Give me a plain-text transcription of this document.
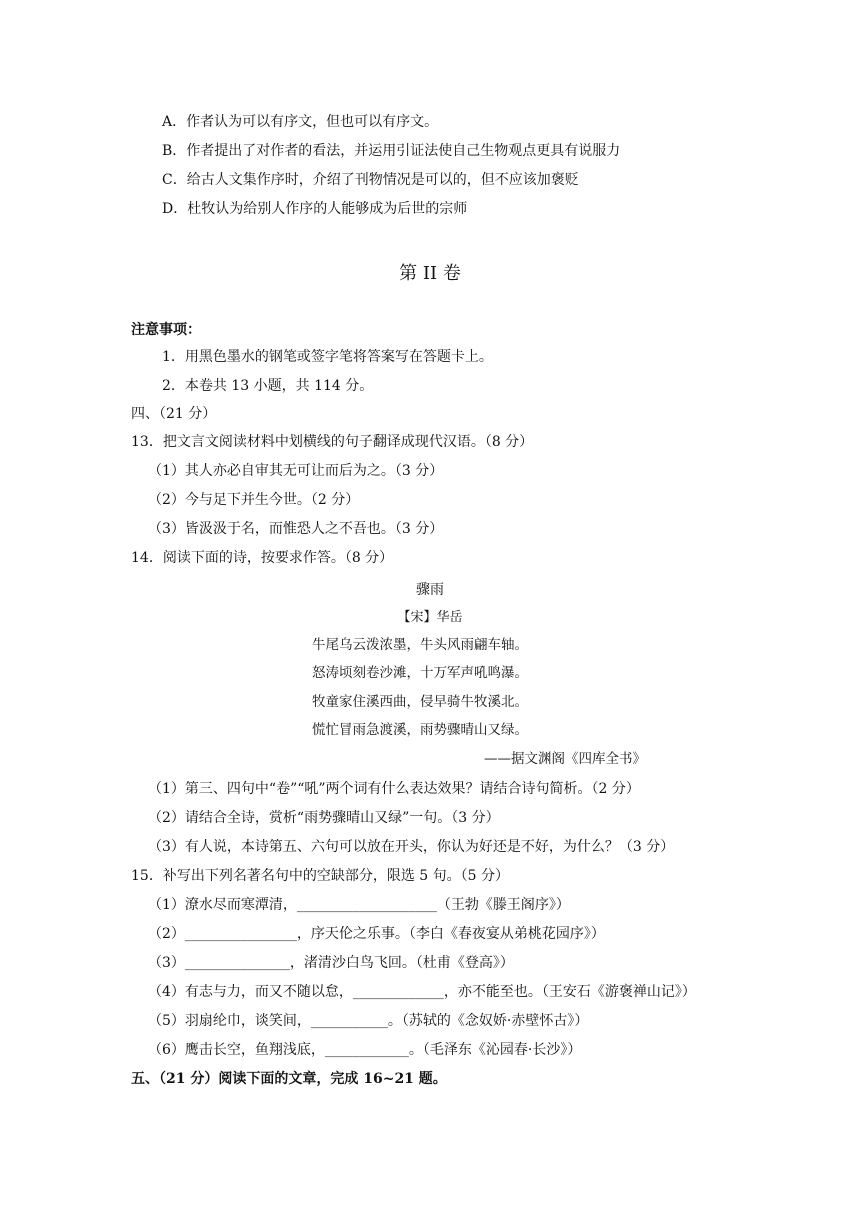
A．作者认为可以有序文，但也可以有序文。
B．作者提出了对作者的看法，并运用引证法使自己生物观点更具有说服力
C．给古人文集作序时，介绍了刊物情况是可以的，但不应该加褒贬
D．杜牧认为给别人作序的人能够成为后世的宗师
第 II 卷
注意事项：
1．用黑色墨水的钢笔或签字笔将答案写在答题卡上。
2．本卷共 13 小题，共 114 分。
四、（21 分）
13．把文言文阅读材料中划横线的句子翻译成现代汉语。（8 分）
（1）其人亦必自审其无可让而后为之。（3 分）
（2）今与足下并生今世。（2 分）
（3）皆汲汲于名，而惟恐人之不吾也。（3 分）
14．阅读下面的诗，按要求作答。（8 分）
骤雨
【宋】华岳
牛尾乌云泼浓墨，牛头风雨翩车轴。
怒涛顷刻卷沙滩，十万军声吼鸣瀑。
牧童家住溪西曲，侵早骑牛牧溪北。
慌忙冒雨急渡溪，雨势骤晴山又绿。
——据文渊阁《四库全书》
（1）第三、四句中“卷”“吼”两个词有什么表达效果？请结合诗句简析。（2 分）
（2）请结合全诗，赏析“雨势骤晴山又绿”一句。（3 分）
（3）有人说，本诗第五、六句可以放在开头，你认为好还是不好，为什么？（3 分）
15．补写出下列名著名句中的空缺部分，限选 5 句。（5 分）
（1）潦水尽而寒潭清，____________________（王勃《滕王阁序》）
（2）________________，序天伦之乐事。（李白《春夜宴从弟桃花园序》）
（3）_______________，渚清沙白鸟飞回。（杜甫《登高》）
（4）有志与力，而又不随以怠，_____________，亦不能至也。（王安石《游褒禅山记》）
（5）羽扇纶巾，谈笑间，___________。（苏轼的《念奴娇·赤壁怀古》）
（6）鹰击长空，鱼翔浅底，____________。（毛泽东《沁园春·长沙》）
五、（21 分）阅读下面的文章，完成 16~21 题。
